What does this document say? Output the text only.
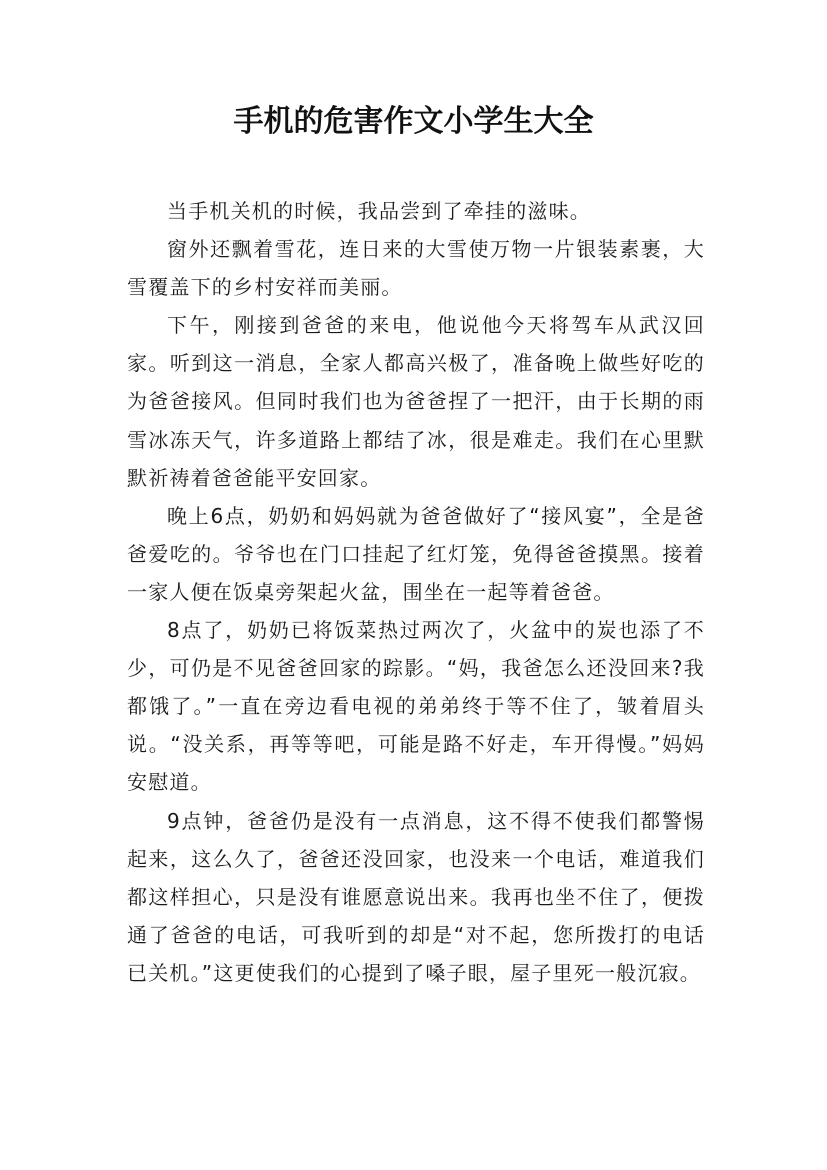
手机的危害作文小学生大全

当手机关机的时候，我品尝到了牵挂的滋味。

窗外还飘着雪花，连日来的大雪使万物一片银装素裹，大雪覆盖下的乡村安祥而美丽。

下午，刚接到爸爸的来电，他说他今天将驾车从武汉回家。听到这一消息，全家人都高兴极了，准备晚上做些好吃的为爸爸接风。但同时我们也为爸爸捏了一把汗，由于长期的雨雪冰冻天气，许多道路上都结了冰，很是难走。我们在心里默默祈祷着爸爸能平安回家。

晚上6点，奶奶和妈妈就为爸爸做好了“接风宴”，全是爸爸爱吃的。爷爷也在门口挂起了红灯笼，免得爸爸摸黑。接着一家人便在饭桌旁架起火盆，围坐在一起等着爸爸。

8点了，奶奶已将饭菜热过两次了，火盆中的炭也添了不少，可仍是不见爸爸回家的踪影。“妈，我爸怎么还没回来?我都饿了。”一直在旁边看电视的弟弟终于等不住了，皱着眉头说。“没关系，再等等吧，可能是路不好走，车开得慢。”妈妈安慰道。

9点钟，爸爸仍是没有一点消息，这不得不使我们都警惕起来，这么久了，爸爸还没回家，也没来一个电话，难道我们都这样担心，只是没有谁愿意说出来。我再也坐不住了，便拨通了爸爸的电话，可我听到的却是“对不起，您所拨打的电话已关机。”这更使我们的心提到了嗓子眼，屋子里死一般沉寂。
